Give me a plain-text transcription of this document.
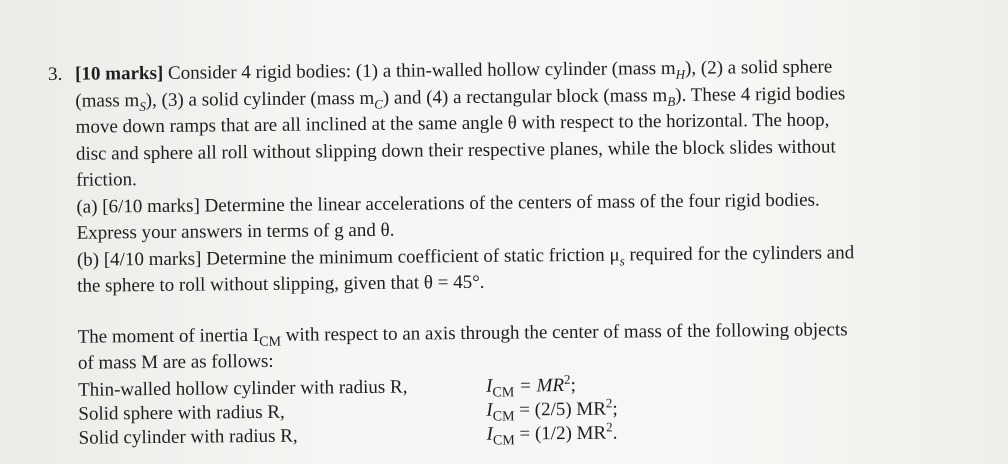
3. [10 marks] Consider 4 rigid bodies: (1) a thin-walled hollow cylinder (mass $m_H$), (2) a solid sphere
(mass $m_S$), (3) a solid cylinder (mass $m_C$) and (4) a rectangular block (mass $m_B$). These 4 rigid bodies
move down ramps that are all inclined at the same angle θ with respect to the horizontal. The hoop,
disc and sphere all roll without slipping down their respective planes, while the block slides without
friction.
(a) [6/10 marks] Determine the linear accelerations of the centers of mass of the four rigid bodies.
Express your answers in terms of g and θ.
(b) [4/10 marks] Determine the minimum coefficient of static friction $\mu_s$ required for the cylinders and
the sphere to roll without slipping, given that θ = 45°.
The moment of inertia $I_{CM}$ with respect to an axis through the center of mass of the following objects
of mass M are as follows:
Thin-walled hollow cylinder with radius R,	$I_{CM} = MR^2$;
Solid sphere with radius R,	$I_{CM} = (2/5)$ $MR^2$;
Solid cylinder with radius R,	$I_{CM} = (1/2)$ $MR^2$.
